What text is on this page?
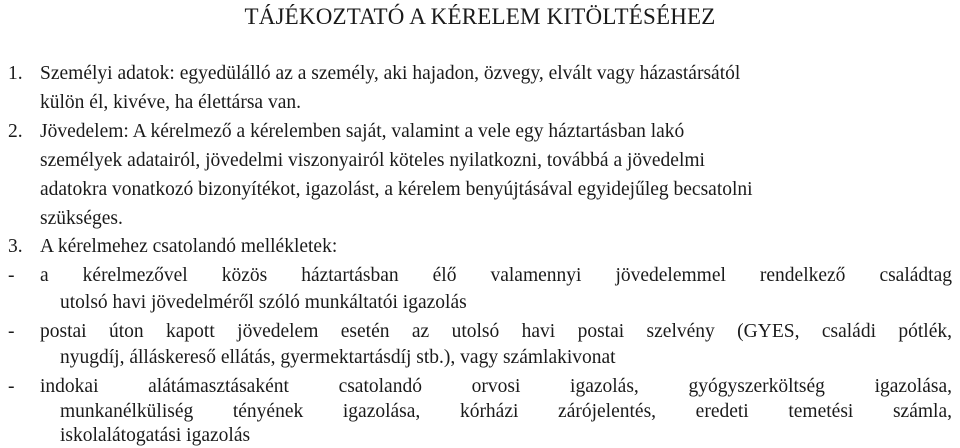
TÁJÉKOZTATÓ A KÉRELEM KITÖLTÉSÉHEZ
1. Személyi adatok: egyedülálló az a személy, aki hajadon, özvegy, elvált vagy házastársától
külön él, kivéve, ha élettársa van.
2. Jövedelem: A kérelmező a kérelemben saját, valamint a vele egy háztartásban lakó
személyek adatairól, jövedelmi viszonyairól köteles nyilatkozni, továbbá a jövedelmi
adatokra vonatkozó bizonyítékot, igazolást, a kérelem benyújtásával egyidejűleg becsatolni
szükséges.
3. A kérelmehez csatolandó mellékletek:
- a kérelmezővel közös háztartásban élő valamennyi jövedelemmel rendelkező családtag
utolsó havi jövedelméről szóló munkáltatói igazolás
- postai úton kapott jövedelem esetén az utolsó havi postai szelvény (GYES, családi pótlék,
nyugdíj, álláskereső ellátás, gyermektartásdíj stb.), vagy számlakivonat
- indokai alátámasztásaként csatolandó orvosi igazolás, gyógyszerköltség igazolása,
munkanélküliség tényének igazolása, kórházi zárójelentés, eredeti temetési számla,
iskolalátogatási igazolás
